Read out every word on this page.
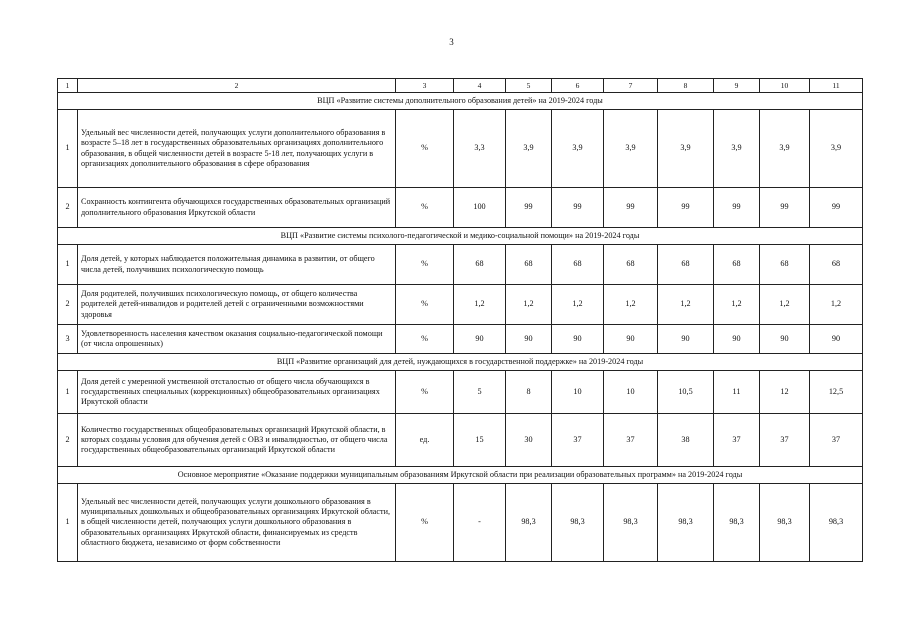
3
1	2	3	4	5	6	7	8	9	10	11
ВЦП «Развитие системы дополнительного образования детей» на 2019-2024 годы										
1	Удельный вес численности детей, получающих услуги дополнительного образования в возрасте 5–18 лет в государственных образовательных организациях дополнительного образования, в общей численности детей в возрасте 5-18 лет, получающих услуги в организациях дополнительного образования в сфере образования	%	3,3	3,9	3,9	3,9	3,9	3,9	3,9	3,9
2	Сохранность контингента обучающихся государственных образовательных организаций дополнительного образования Иркутской области	%	100	99	99	99	99	99	99	99
ВЦП «Развитие системы психолого-педагогической и медико-социальной помощи» на 2019-2024 годы										
1	Доля детей, у которых наблюдается положительная динамика в развитии, от общего числа детей, получивших психологическую помощь	%	68	68	68	68	68	68	68	68
2	Доля родителей, получивших психологическую помощь, от общего количества родителей детей-инвалидов и родителей детей с ограниченными возможностями здоровья	%	1,2	1,2	1,2	1,2	1,2	1,2	1,2	1,2
3	Удовлетворенность населения качеством оказания социально-педагогической помощи (от числа опрошенных)	%	90	90	90	90	90	90	90	90
ВЦП «Развитие организаций для детей, нуждающихся в государственной поддержке» на 2019-2024 годы										
1	Доля детей с умеренной умственной отсталостью от общего числа обучающихся в государственных специальных (коррекционных) общеобразовательных организациях Иркутской области	%	5	8	10	10	10,5	11	12	12,5
2	Количество государственных общеобразовательных организаций Иркутской области, в которых созданы условия для обучения детей с ОВЗ и инвалидностью, от общего числа государственных общеобразовательных организаций Иркутской области	ед.	15	30	37	37	38	37	37	37
Основное мероприятие «Оказание поддержки муниципальным образованиям Иркутской области при реализации образовательных программ» на 2019-2024 годы										
1	Удельный вес численности детей, получающих услуги дошкольного образования в муниципальных дошкольных и общеобразовательных организациях Иркутской области, в общей численности детей, получающих услуги дошкольного образования в образовательных организациях Иркутской области, финансируемых из средств областного бюджета, независимо от форм собственности	%	-	98,3	98,3	98,3	98,3	98,3	98,3	98,3
